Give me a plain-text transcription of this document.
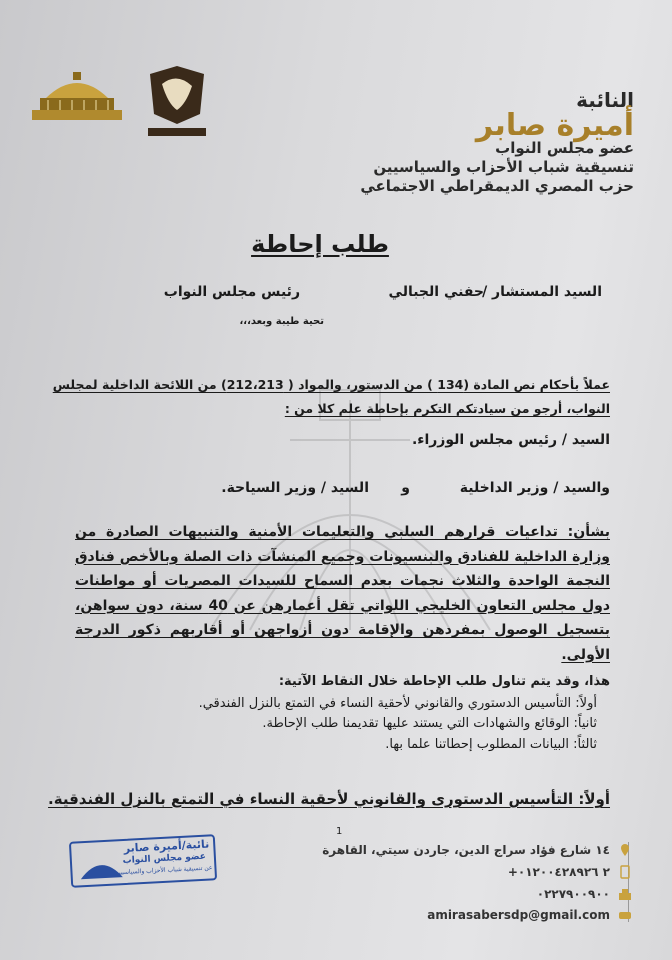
النائبة
أميرة صابر
عضو مجلس النواب
تنسيقية شباب الأحزاب والسياسيين
حزب المصري الديمقراطي الاجتماعي
طلب إحاطة
السيد المستشار /
حفني الجبالي
رئيس مجلس النواب
تحية طيبة وبعد،،،
عملاً بأحكام نص المادة (134 ) من الدستور، والمواد ( 212،213) من اللائحة الداخلية لمجلس
النواب، أرجو من سيادتكم التكرم بإحاطة علم كلا من :
السيد / رئيس مجلس الوزراء.
والسيد / وزير الداخلية
و
السيد / وزير السياحة.
بشأن: تداعيات قرارهم السلبي والتعليمات الأمنية والتنبيهات الصادرة من وزارة الداخلية للفنادق والبنسيونات وجميع المنشآت ذات الصلة وبالأخص فنادق النجمة الواحدة والثلاث نجمات بعدم السماح للسيدات المصريات أو مواطنات دول مجلس التعاون الخليجي اللواتي تقل أعمارهن عن 40 سنة، دون سواهن، بتسجيل الوصول بمفردهن والإقامة دون أزواجهن أو أقاربهم ذكور الدرجة الأولى.
هذا، وقد يتم تناول طلب الإحاطة خلال النقاط الآتية:
أولاً: التأسيس الدستوري والقانوني لأحقية النساء في التمتع بالنزل الفندقي.
ثانياً: الوقائع والشهادات التي يستند عليها تقديمنا طلب الإحاطة.
ثالثاً: البيانات المطلوب إحطاتنا علما بها.
أولاً: التأسيس الدستورى والقانوني لأحقية النساء في التمتع بالنزل الفندقية.
1
١٤ شارع فؤاد سراج الدين، جاردن سيتي، القاهرة
+٢ ٠١٢٠٠٤٢٨٩٢٦
٠٢٢٧٩٠٠٩٠٠
amirasabersdp@gmail.com
نائبة/أميرة صابر
عضو مجلس النواب
عن تنسيقية شباب الأحزاب والسياسيين
